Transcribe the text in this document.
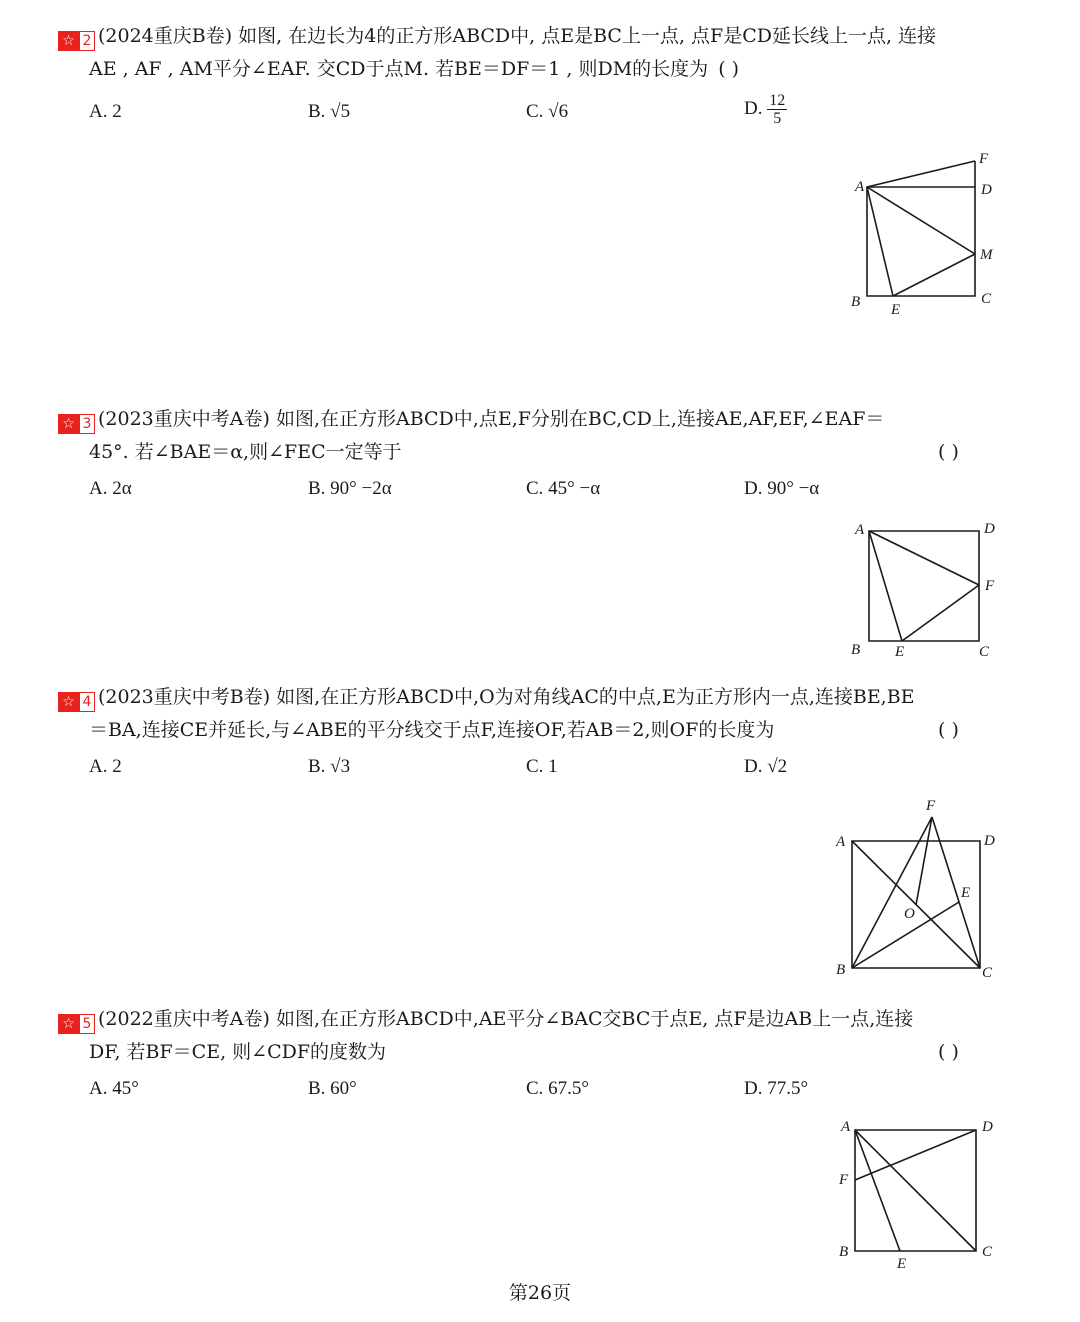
☆ 2 (2024重庆B卷) 如图, 在边长为4的正方形ABCD中, 点E是BC上一点, 点F是CD延长线上一点, 连接
AE , AF , AM平分∠EAF. 交CD于点M. 若BE＝DF＝1 , 则DM的长度为 ( )
A. 2	B. √5	C. √6	D. $\frac{12}{5}$
A	D
F
M
B E
C
☆ 3 (2023重庆中考A卷) 如图,在正方形ABCD中,点E,F分别在BC,CD上,连接AE,AF,EF,∠EAF＝
45°. 若∠BAE＝α,则∠FEC一定等于	( )
A. 2α	B. 90° −2α	C. 45° −α	D. 90° −α
A	D
F
B E	C
☆ 4 (2023重庆中考B卷) 如图,在正方形ABCD中,O为对角线AC的中点,E为正方形内一点,连接BE,BE
＝BA,连接CE并延长,与∠ABE的平分线交于点F,连接OF,若AB＝2,则OF的长度为	( )
A. 2	B. √3	C. 1	D. √2
A	D
F
E
O
B	C
☆ 5 (2022重庆中考A卷) 如图,在正方形ABCD中,AE平分∠BAC交BC于点E, 点F是边AB上一点,连接
DF, 若BF＝CE, 则∠CDF的度数为	( )
A. 45°	B. 60°	C. 67.5°	D. 77.5°
A	D
F
B
E
C
第26页
